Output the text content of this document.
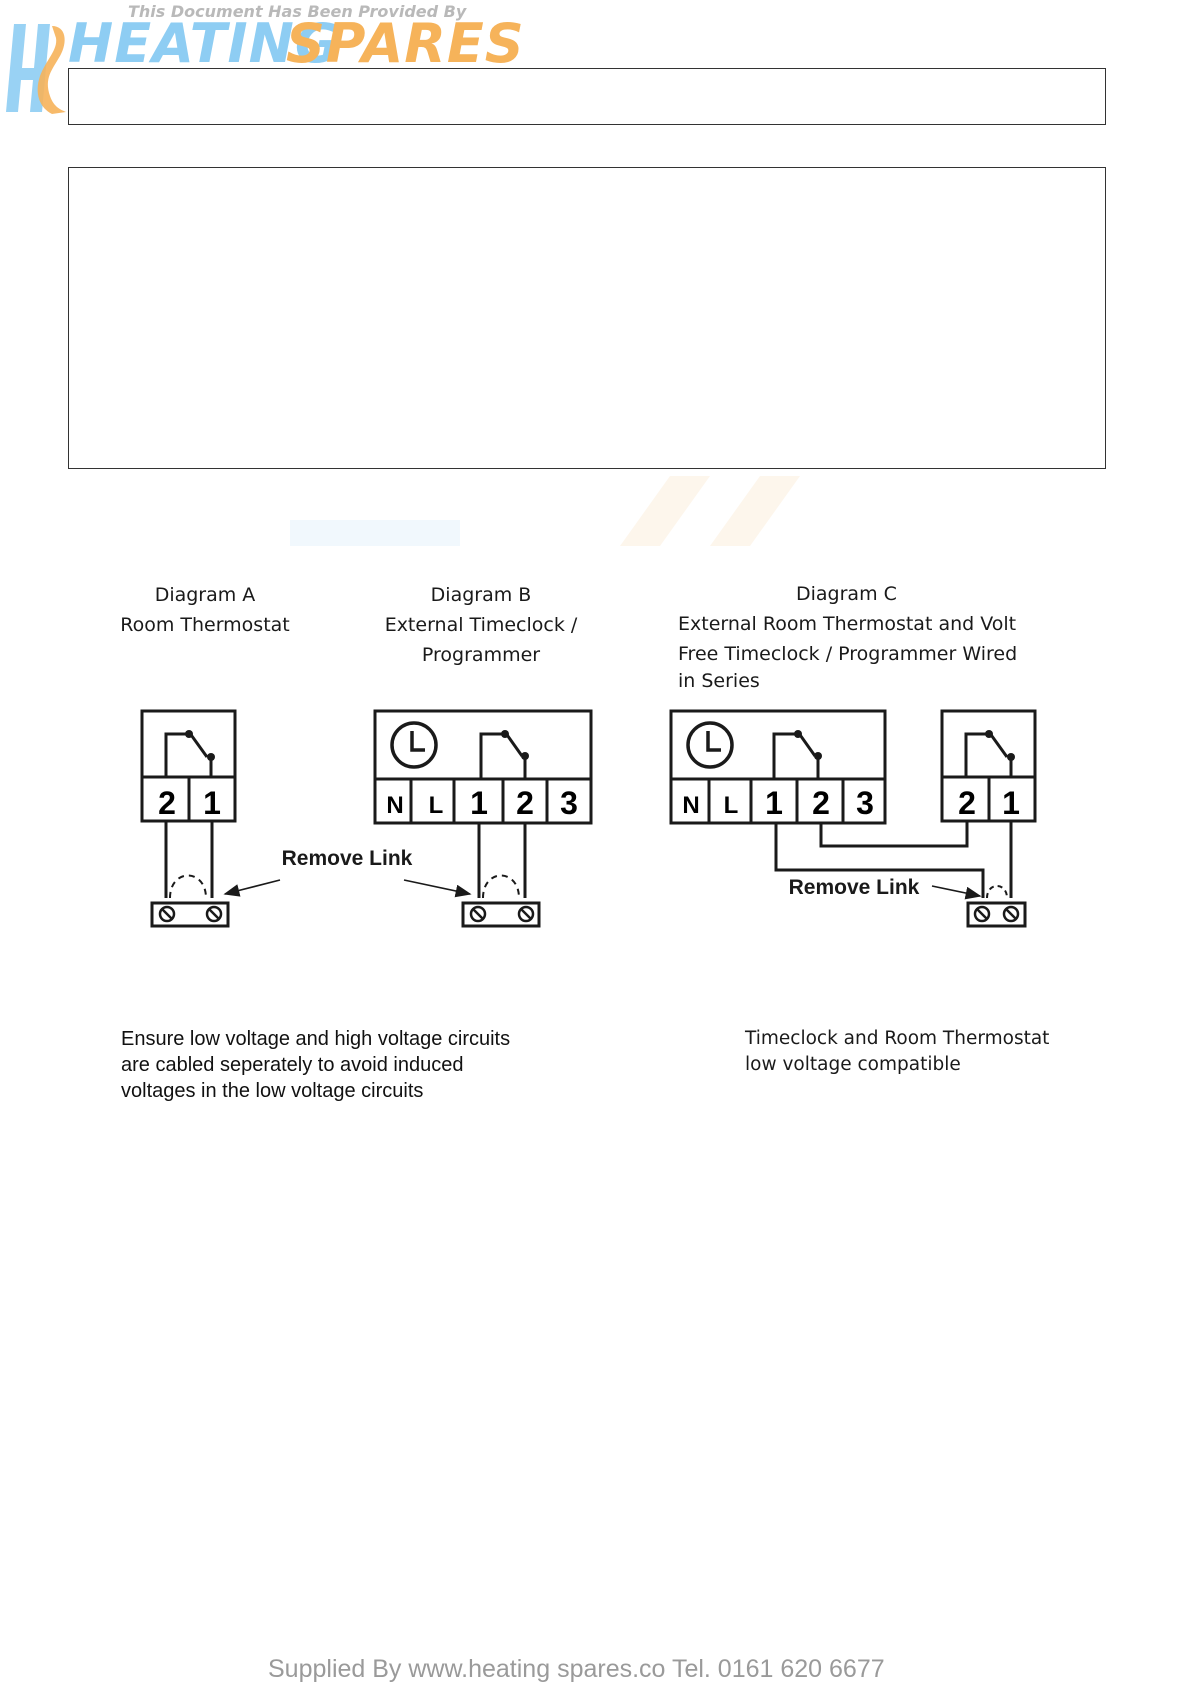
This Document Has Been Provided By
HEATING
SPARES
Diagram A
Room Thermostat
Diagram B
External Timeclock /
Programmer
Diagram C
External Room Thermostat and Volt
Free Timeclock / Programmer Wired
in Series
2 1
Remove Link
N L 1 2 3	N L 1 2 3	2 1
Remove Link
Ensure low voltage and high voltage circuits
are cabled seperately to avoid induced
voltages in the low voltage circuits
Timeclock and Room Thermostat
low voltage compatible
Supplied By www.heating spares.co Tel. 0161 620 6677
